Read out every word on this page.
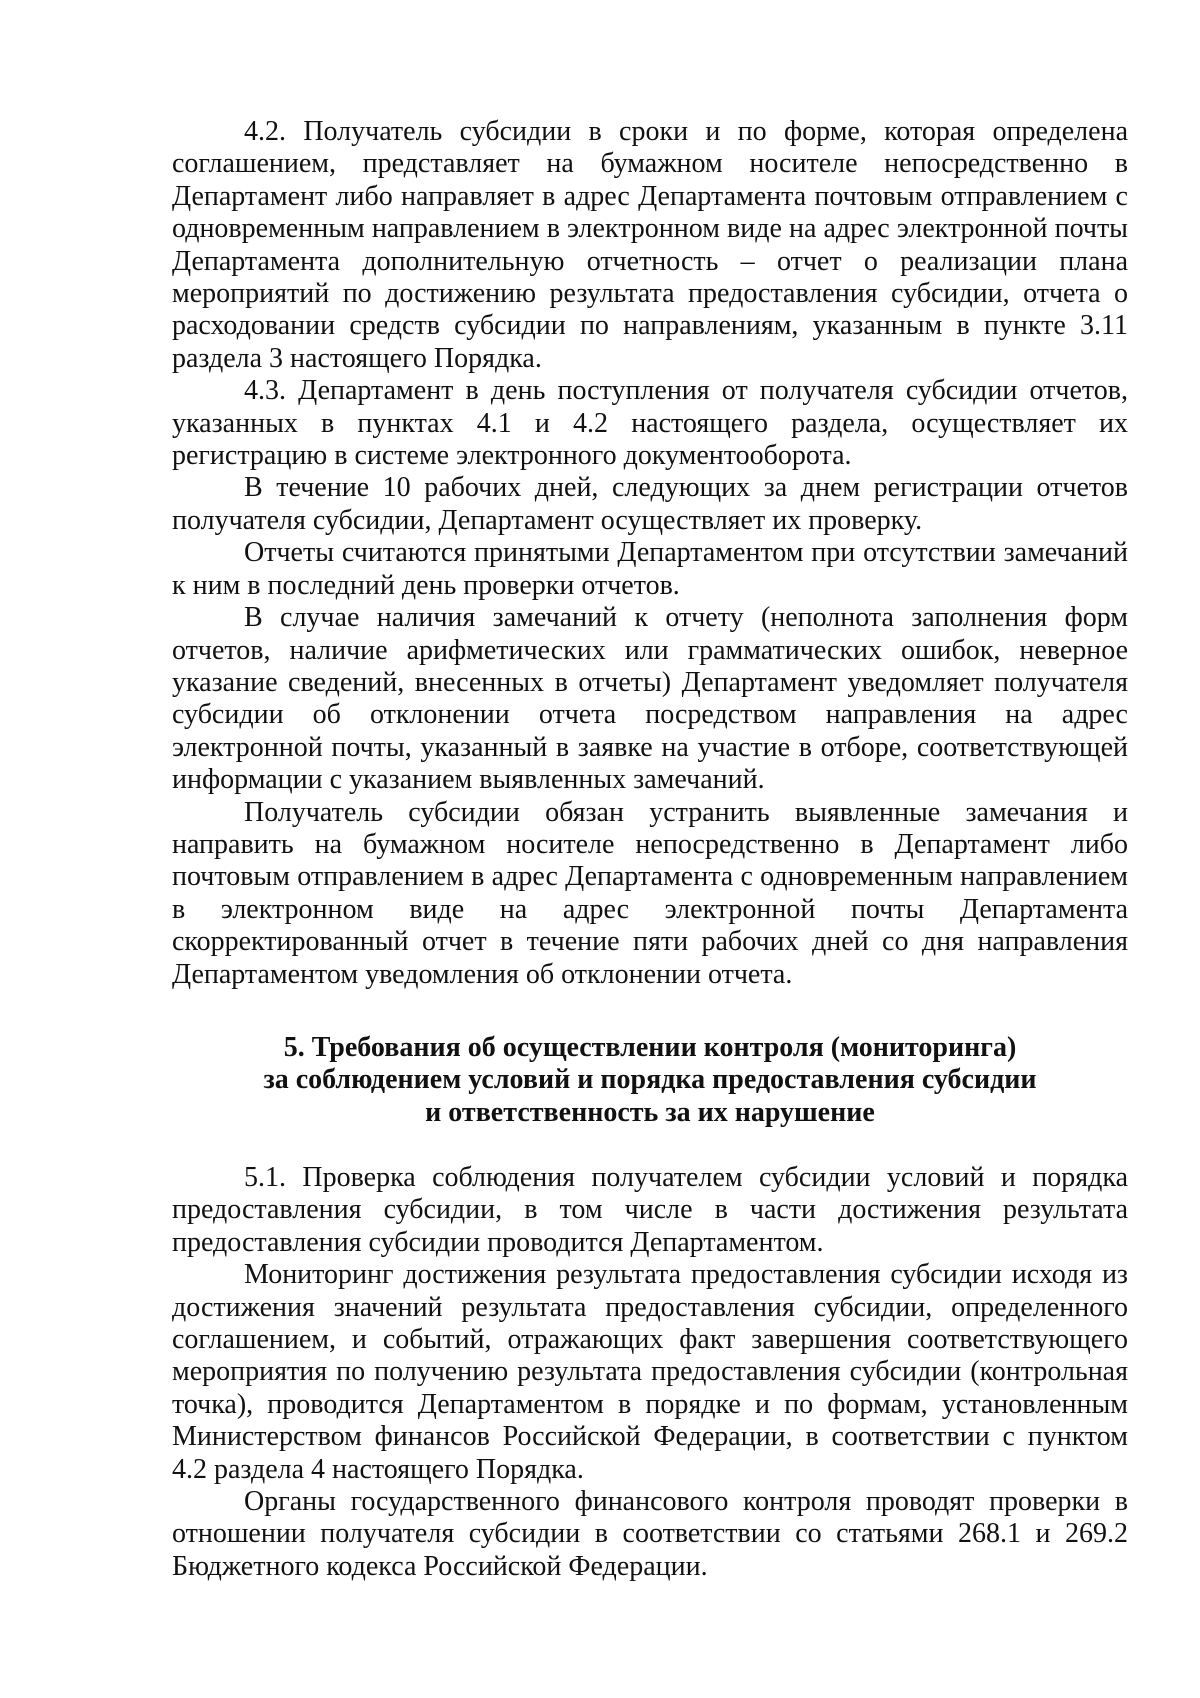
4.2. Получатель субсидии в сроки и по форме, которая определена соглашением, представляет на бумажном носителе непосредственно в Департамент либо направляет в адрес Департамента почтовым отправлением с одновременным направлением в электронном виде на адрес электронной почты Департамента дополнительную отчетность – отчет о реализации плана мероприятий по достижению результата предоставления субсидии, отчета о расходовании средств субсидии по направлениям, указанным в пункте 3.11 раздела 3 настоящего Порядка.

4.3. Департамент в день поступления от получателя субсидии отчетов, указанных в пунктах 4.1 и 4.2 настоящего раздела, осуществляет их регистрацию в системе электронного документооборота.

В течение 10 рабочих дней, следующих за днем регистрации отчетов получателя субсидии, Департамент осуществляет их проверку.

Отчеты считаются принятыми Департаментом при отсутствии замечаний к ним в последний день проверки отчетов.

В случае наличия замечаний к отчету (неполнота заполнения форм отчетов, наличие арифметических или грамматических ошибок, неверное указание сведений, внесенных в отчеты) Департамент уведомляет получателя субсидии об отклонении отчета посредством направления на адрес электронной почты, указанный в заявке на участие в отборе, соответствующей информации с указанием выявленных замечаний.

Получатель субсидии обязан устранить выявленные замечания и направить на бумажном носителе непосредственно в Департамент либо почтовым отправлением в адрес Департамента с одновременным направлением в электронном виде на адрес электронной почты Департамента скорректированный отчет в течение пяти рабочих дней со дня направления Департаментом уведомления об отклонении отчета.

5. Требования об осуществлении контроля (мониторинга)
за соблюдением условий и порядка предоставления субсидии
и ответственность за их нарушение

5.1. Проверка соблюдения получателем субсидии условий и порядка предоставления субсидии, в том числе в части достижения результата предоставления субсидии проводится Департаментом.

Мониторинг достижения результата предоставления субсидии исходя из достижения значений результата предоставления субсидии, определенного соглашением, и событий, отражающих факт завершения соответствующего мероприятия по получению результата предоставления субсидии (контрольная точка), проводится Департаментом в порядке и по формам, установленным Министерством финансов Российской Федерации, в соответствии с пунктом 4.2 раздела 4 настоящего Порядка.

Органы государственного финансового контроля проводят проверки в отношении получателя субсидии в соответствии со статьями 268.1 и 269.2 Бюджетного кодекса Российской Федерации.
